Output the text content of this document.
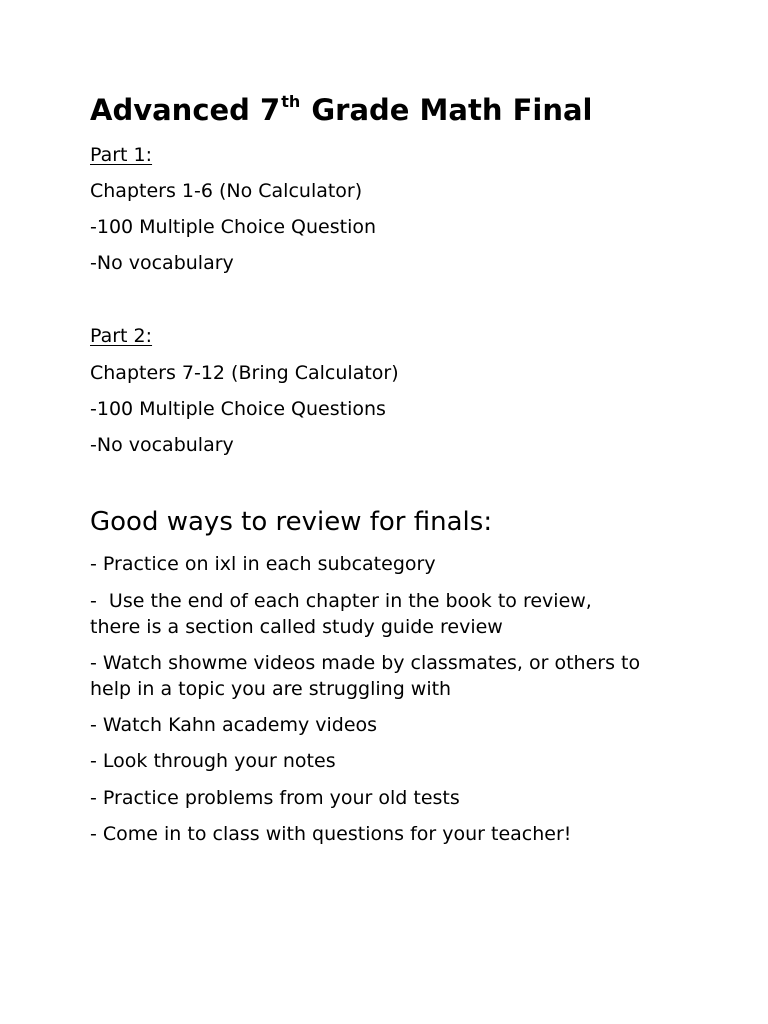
Advanced 7th Grade Math Final

Part 1:

Chapters 1-6 (No Calculator)

-100 Multiple Choice Question

-No vocabulary

Part 2:

Chapters 7-12 (Bring Calculator)

-100 Multiple Choice Questions

-No vocabulary

Good ways to review for finals:

- Practice on ixl in each subcategory

-  Use the end of each chapter in the book to review,

there is a section called study guide review

- Watch showme videos made by classmates, or others to

help in a topic you are struggling with

- Watch Kahn academy videos

- Look through your notes

- Practice problems from your old tests

- Come in to class with questions for your teacher!
